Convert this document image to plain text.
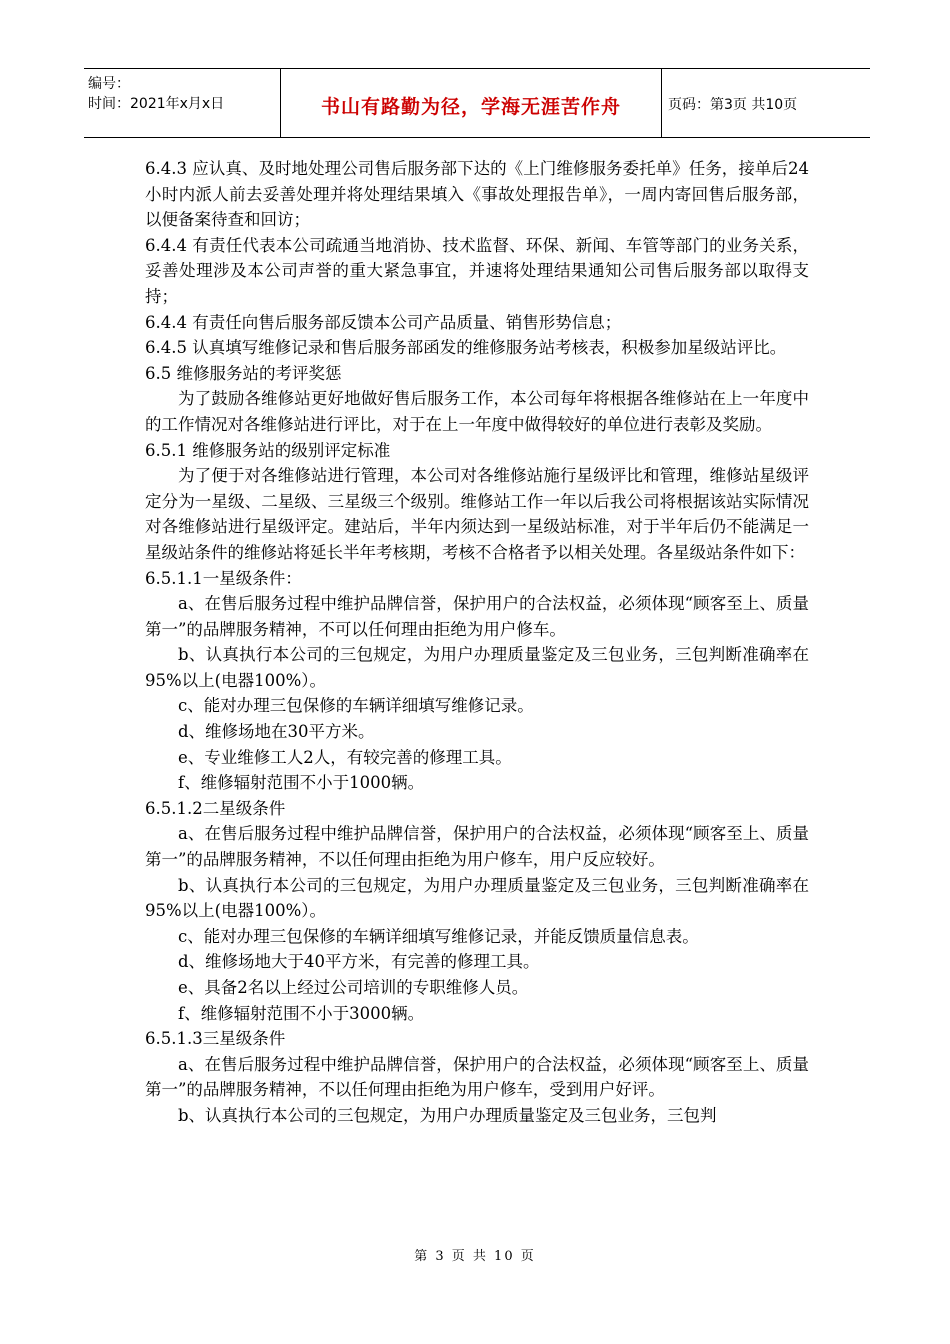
编号：
时间：2021年x月x日	书山有路勤为径，学海无涯苦作舟	页码：第3页 共10页

6.4.3 应认真、及时地处理公司售后服务部下达的《上门维修服务委托单》任务，接单后24小时内派人前去妥善处理并将处理结果填入《事故处理报告单》，一周内寄回售后服务部，以便备案待查和回访；

6.4.4 有责任代表本公司疏通当地消协、技术监督、环保、新闻、车管等部门的业务关系，妥善处理涉及本公司声誉的重大紧急事宜，并速将处理结果通知公司售后服务部以取得支持；

6.4.4 有责任向售后服务部反馈本公司产品质量、销售形势信息；

6.4.5 认真填写维修记录和售后服务部函发的维修服务站考核表，积极参加星级站评比。

6.5 维修服务站的考评奖惩

为了鼓励各维修站更好地做好售后服务工作，本公司每年将根据各维修站在上一年度中的工作情况对各维修站进行评比，对于在上一年度中做得较好的单位进行表彰及奖励。

6.5.1 维修服务站的级别评定标准

为了便于对各维修站进行管理，本公司对各维修站施行星级评比和管理，维修站星级评定分为一星级、二星级、三星级三个级别。维修站工作一年以后我公司将根据该站实际情况对各维修站进行星级评定。建站后，半年内须达到一星级站标准，对于半年后仍不能满足一星级站条件的维修站将延长半年考核期，考核不合格者予以相关处理。各星级站条件如下：

6.5.1.1一星级条件：

a、在售后服务过程中维护品牌信誉，保护用户的合法权益，必须体现“顾客至上、质量第一”的品牌服务精神，不可以任何理由拒绝为用户修车。

b、认真执行本公司的三包规定，为用户办理质量鉴定及三包业务，三包判断准确率在95%以上(电器100%）。

c、能对办理三包保修的车辆详细填写维修记录。

d、维修场地在30平方米。

e、专业维修工人2人，有较完善的修理工具。

f、维修辐射范围不小于1000辆。

6.5.1.2二星级条件

a、在售后服务过程中维护品牌信誉，保护用户的合法权益，必须体现“顾客至上、质量第一”的品牌服务精神，不以任何理由拒绝为用户修车，用户反应较好。

b、认真执行本公司的三包规定，为用户办理质量鉴定及三包业务，三包判断准确率在95%以上(电器100%）。

c、能对办理三包保修的车辆详细填写维修记录，并能反馈质量信息表。

d、维修场地大于40平方米，有完善的修理工具。

e、具备2名以上经过公司培训的专职维修人员。

f、维修辐射范围不小于3000辆。

6.5.1.3三星级条件

a、在售后服务过程中维护品牌信誉，保护用户的合法权益，必须体现“顾客至上、质量第一”的品牌服务精神，不以任何理由拒绝为用户修车，受到用户好评。

b、认真执行本公司的三包规定，为用户办理质量鉴定及三包业务，三包判

第 3 页 共 10 页
